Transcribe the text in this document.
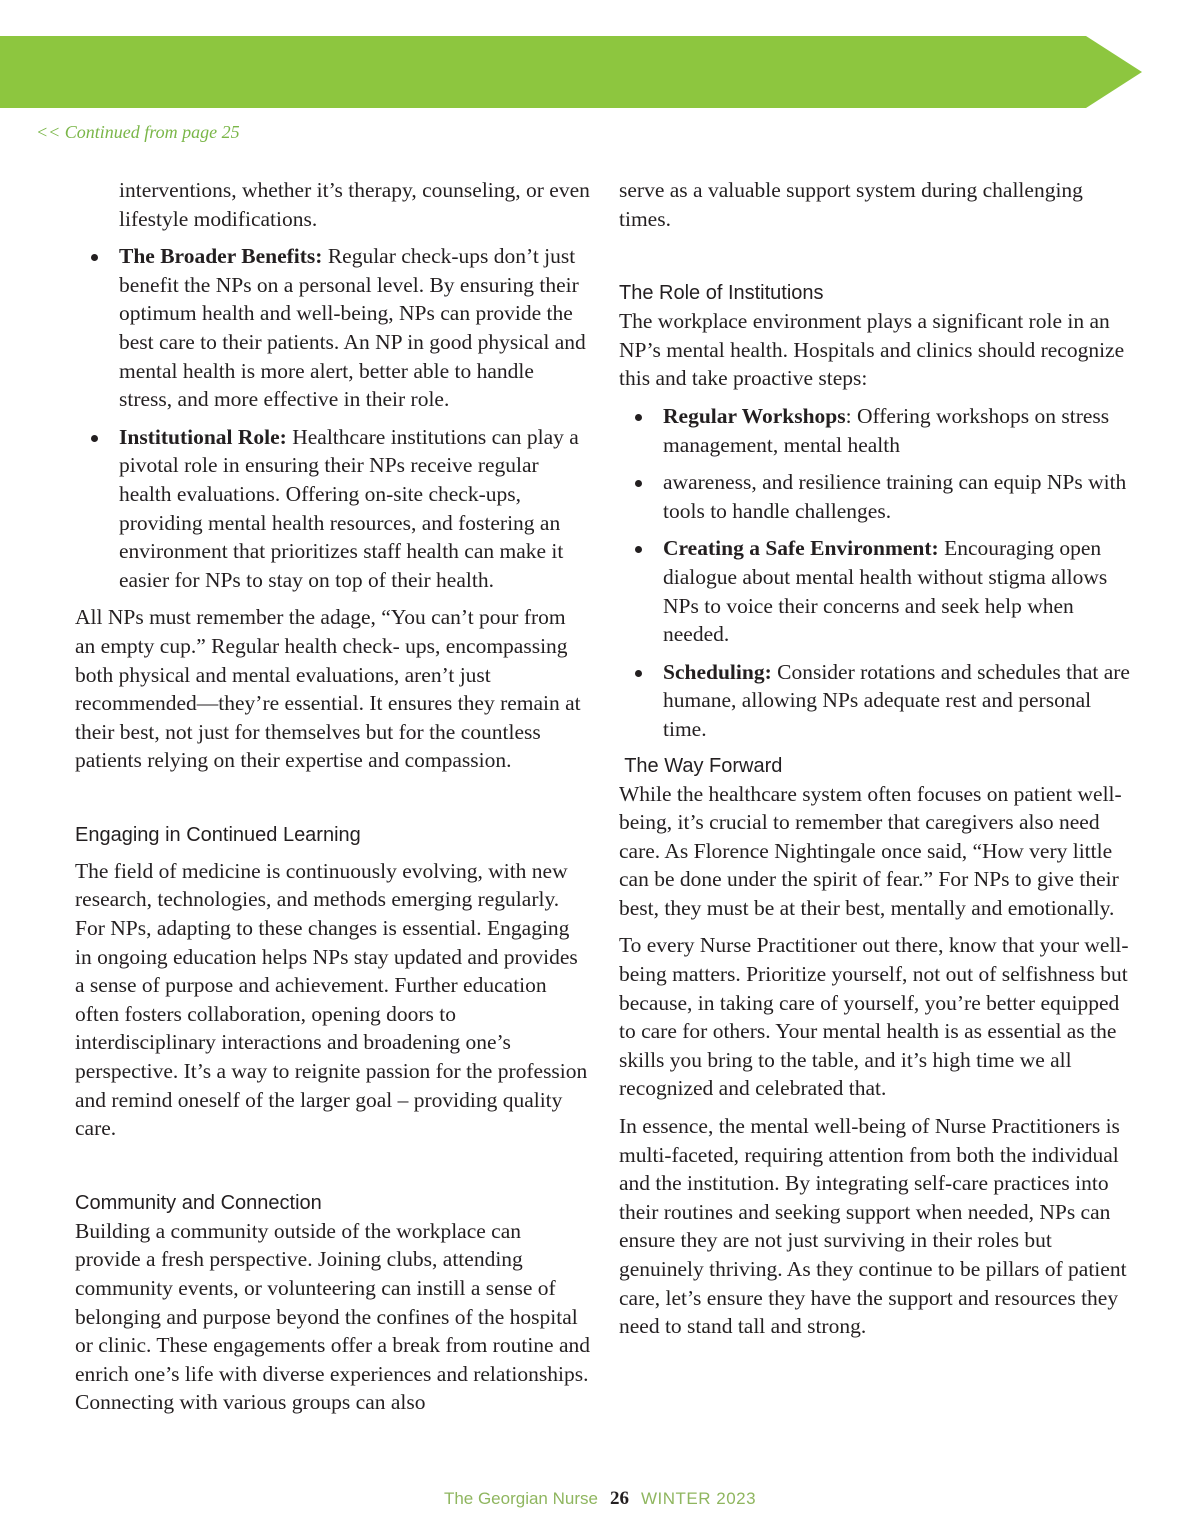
<< Continued from page 25

interventions, whether it’s therapy, counseling, or even lifestyle modifications.

The Broader Benefits: Regular check-ups don’t just benefit the NPs on a personal level. By ensuring their optimum health and well-being, NPs can provide the best care to their patients. An NP in good physical and mental health is more alert, better able to handle stress, and more effective in their role.
Institutional Role: Healthcare institutions can play a pivotal role in ensuring their NPs receive regular health evaluations. Offering on-site check-ups, providing mental health resources, and fostering an environment that prioritizes staff health can make it easier for NPs to stay on top of their health.

All NPs must remember the adage, “You can’t pour from an empty cup.” Regular health check- ups, encompassing both physical and mental evaluations, aren’t just recommended—they’re essential. It ensures they remain at their best, not just for themselves but for the countless patients relying on their expertise and compassion.

Engaging in Continued Learning

The field of medicine is continuously evolving, with new research, technologies, and methods emerging regularly. For NPs, adapting to these changes is essential. Engaging in ongoing education helps NPs stay updated and provides a sense of purpose and achievement. Further education often fosters collaboration, opening doors to interdisciplinary interactions and broadening one’s perspective. It’s a way to reignite passion for the profession and remind oneself of the larger goal – providing quality care.

Community and Connection

Building a community outside of the workplace can provide a fresh perspective. Joining clubs, attending community events, or volunteering can instill a sense of belonging and purpose beyond the confines of the hospital or clinic. These engagements offer a break from routine and enrich one’s life with diverse experiences and relationships. Connecting with various groups can also

serve as a valuable support system during challenging times.

The Role of Institutions

The workplace environment plays a significant role in an NP’s mental health. Hospitals and clinics should recognize this and take proactive steps:

Regular Workshops: Offering workshops on stress management, mental health
awareness, and resilience training can equip NPs with tools to handle challenges.
Creating a Safe Environment: Encouraging open dialogue about mental health without stigma allows NPs to voice their concerns and seek help when needed.
Scheduling: Consider rotations and schedules that are humane, allowing NPs adequate rest and personal time.
The Way Forward

While the healthcare system often focuses on patient well-being, it’s crucial to remember that caregivers also need care. As Florence Nightingale once said, “How very little can be done under the spirit of fear.” For NPs to give their best, they must be at their best, mentally and emotionally.

To every Nurse Practitioner out there, know that your well-being matters. Prioritize yourself, not out of selfishness but because, in taking care of yourself, you’re better equipped to care for others. Your mental health is as essential as the skills you bring to the table, and it’s high time we all recognized and celebrated that.

In essence, the mental well-being of Nurse Practitioners is multi-faceted, requiring attention from both the individual and the institution. By integrating self-care practices into their routines and seeking support when needed, NPs can ensure they are not just surviving in their roles but genuinely thriving. As they continue to be pillars of patient care, let’s ensure they have the support and resources they need to stand tall and strong.

The Georgian Nurse 26 WINTER 2023
